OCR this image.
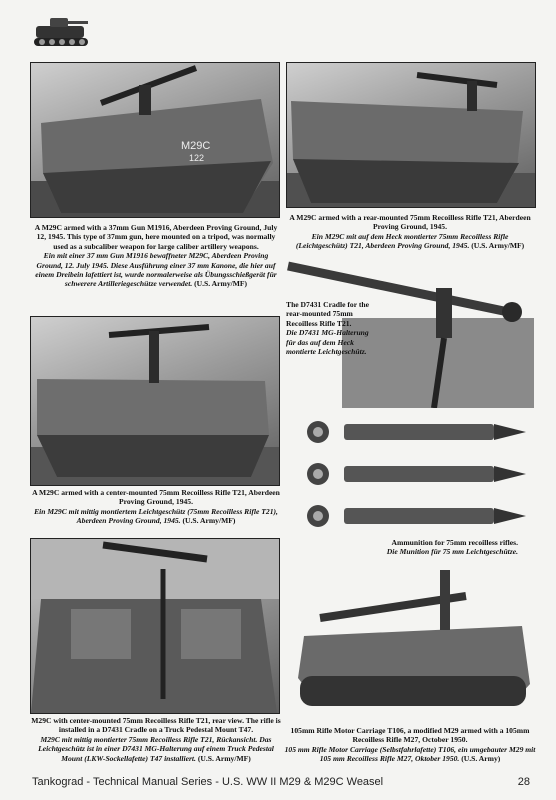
M29C
122
A M29C armed with a 37mm Gun M1916, Aberdeen Proving Ground, July 12, 1945. This type of 37mm gun, here mounted on a tripod, was normally used as a subcaliber weapon for large caliber artillery weapons.
Ein mit einer 37 mm Gun M1916 bewaffneter M29C, Aberdeen Proving Ground, 12. July 1945. Diese Ausführung einer 37 mm Kanone, die hier auf einem Dreibein lafettiert ist, wurde normalerweise als Übungsschießgerät für schwerere Artilleriegeschütze verwendet. (U.S. Army/MF)
A M29C armed with a rear-mounted 75mm Recoilless Rifle T21, Aberdeen Proving Ground, 1945.
Ein M29C mit auf dem Heck montierter 75mm Recoilless Rifle (Leichtgeschütz) T21, Aberdeen Proving Ground, 1945. (U.S. Army/MF)
The D7431 Cradle for the rear-mounted 75mm Recoilless Rifle T21.
Die D7431 MG-Halterung für das auf dem Heck montierte Leichtgeschütz.
A M29C armed with a center-mounted 75mm Recoilless Rifle T21, Aberdeen Proving Ground, 1945.
Ein M29C mit mittig montiertem Leichtgeschütz (75mm Recoilless Rifle T21), Aberdeen Proving Ground, 1945. (U.S. Army/MF)
Ammunition for 75mm recoilless rifles.
Die Munition für 75 mm Leichtgeschütze.
M29C with center-mounted 75mm Recoilless Rifle T21, rear view. The rifle is installed in a D7431 Cradle on a Truck Pedestal Mount T47.
M29C mit mittig montierter 75mm Recoilless Rifle T21, Rückansicht. Das Leichtgeschütz ist in einer D7431 MG-Halterung auf einem Truck Pedestal Mount (LKW-Sockellafette) T47 installiert. (U.S. Army/MF)
105mm Rifle Motor Carriage T106, a modified M29 armed with a 105mm Recoilless Rifle M27, October 1950.
105 mm Rifle Motor Carriage (Selbstfahrlafette) T106, ein umgebauter M29 mit 105 mm Recoilless Rifle M27, Oktober 1950. (U.S. Army)
Tankograd - Technical Manual Series - U.S. WW II M29 & M29C Weasel	28
